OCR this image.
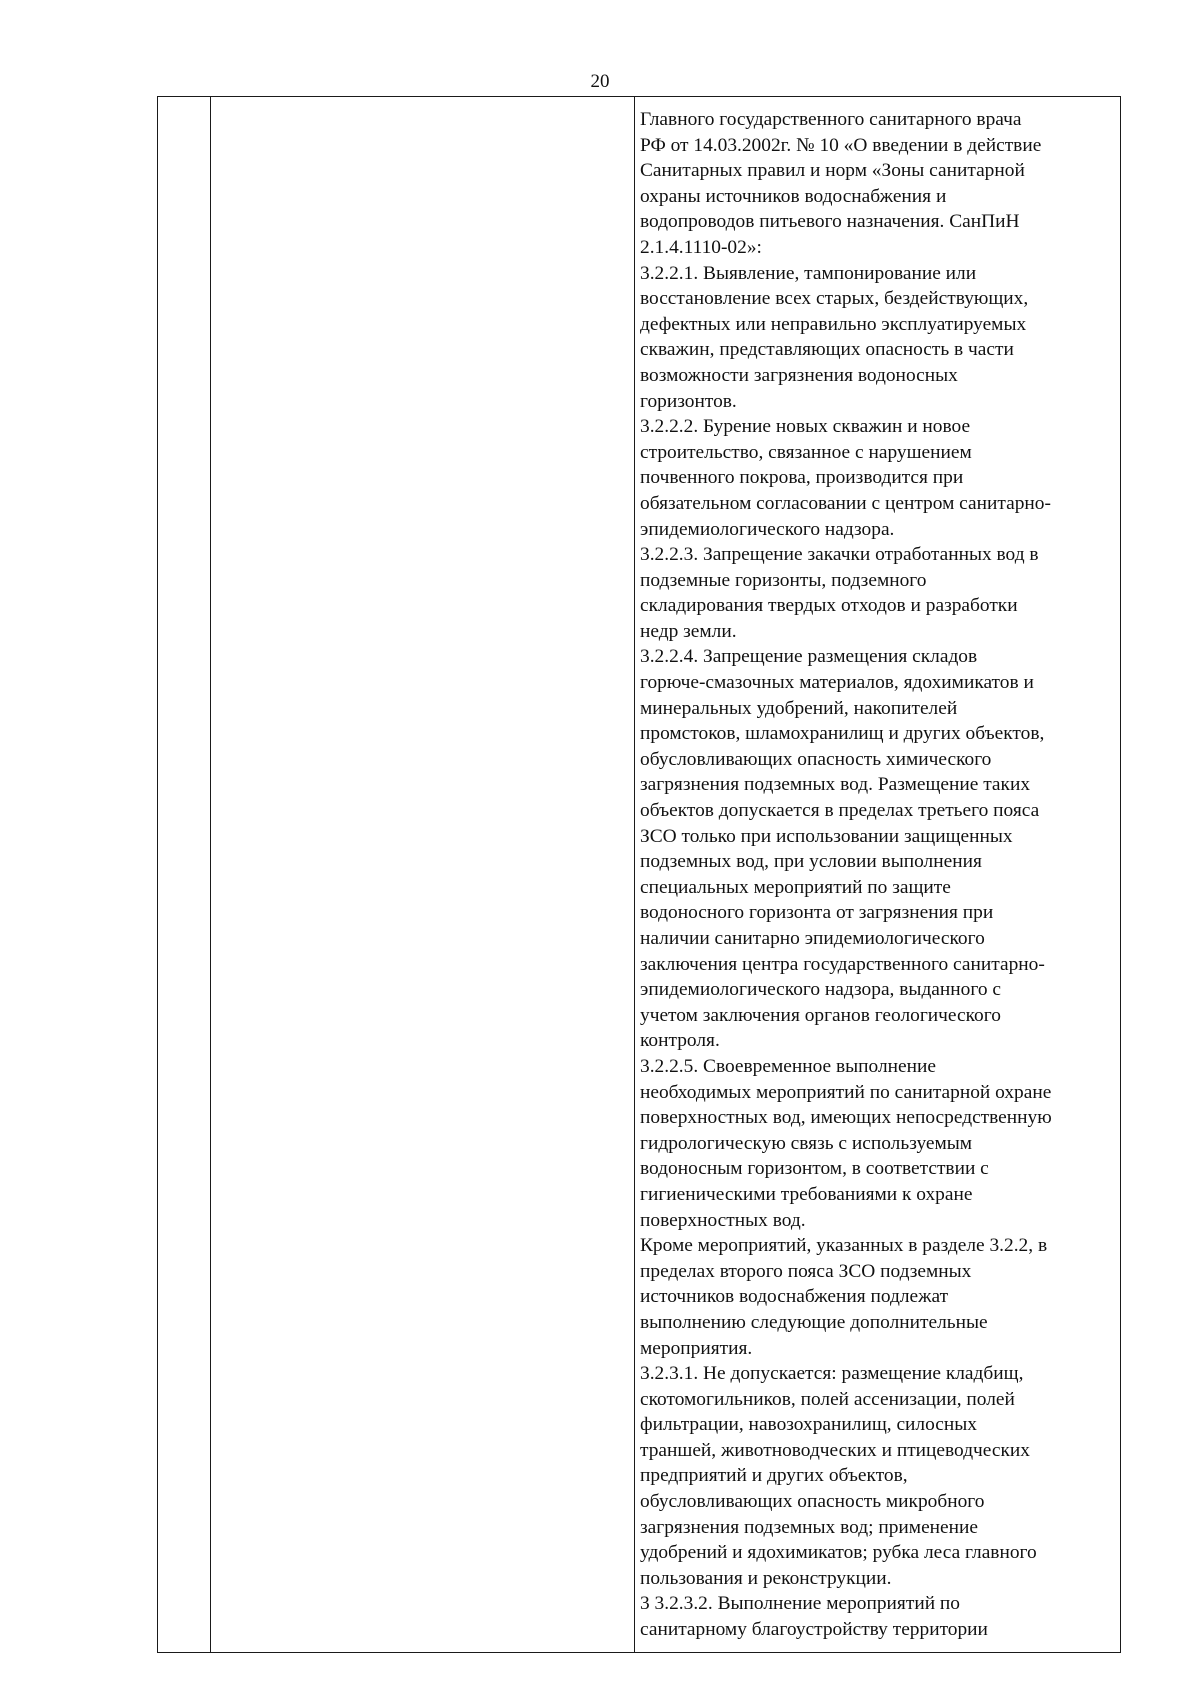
20

Главного государственного санитарного врача

РФ от 14.03.2002г. № 10 «О введении в действие

Санитарных правил и норм «Зоны санитарной

охраны источников водоснабжения и

водопроводов питьевого назначения. СанПиН

2.1.4.1110-02»:

3.2.2.1. Выявление, тампонирование или

восстановление всех старых, бездействующих,

дефектных или неправильно эксплуатируемых

скважин, представляющих опасность в части

возможности загрязнения водоносных

горизонтов.

3.2.2.2. Бурение новых скважин и новое

строительство, связанное с нарушением

почвенного покрова, производится при

обязательном согласовании с центром санитарно-

эпидемиологического надзора.

3.2.2.3. Запрещение закачки отработанных вод в

подземные горизонты, подземного

складирования твердых отходов и разработки

недр земли.

3.2.2.4. Запрещение размещения складов

горюче-смазочных материалов, ядохимикатов и

минеральных удобрений, накопителей

промстоков, шламохранилищ и других объектов,

обусловливающих опасность химического

загрязнения подземных вод. Размещение таких

объектов допускается в пределах третьего пояса

ЗСО только при использовании защищенных

подземных вод, при условии выполнения

специальных мероприятий по защите

водоносного горизонта от загрязнения при

наличии санитарно эпидемиологического

заключения центра государственного санитарно-

эпидемиологического надзора, выданного с

учетом заключения органов геологического

контроля.

3.2.2.5. Своевременное выполнение

необходимых мероприятий по санитарной охране

поверхностных вод, имеющих непосредственную

гидрологическую связь с используемым

водоносным горизонтом, в соответствии с

гигиеническими требованиями к охране

поверхностных вод.

Кроме мероприятий, указанных в разделе 3.2.2, в

пределах второго пояса ЗСО подземных

источников водоснабжения подлежат

выполнению следующие дополнительные

мероприятия.

3.2.3.1. Не допускается: размещение кладбищ,

скотомогильников, полей ассенизации, полей

фильтрации, навозохранилищ, силосных

траншей, животноводческих и птицеводческих

предприятий и других объектов,

обусловливающих опасность микробного

загрязнения подземных вод; применение

удобрений и ядохимикатов; рубка леса главного

пользования и реконструкции.

3 3.2.3.2. Выполнение мероприятий по

санитарному благоустройству территории
